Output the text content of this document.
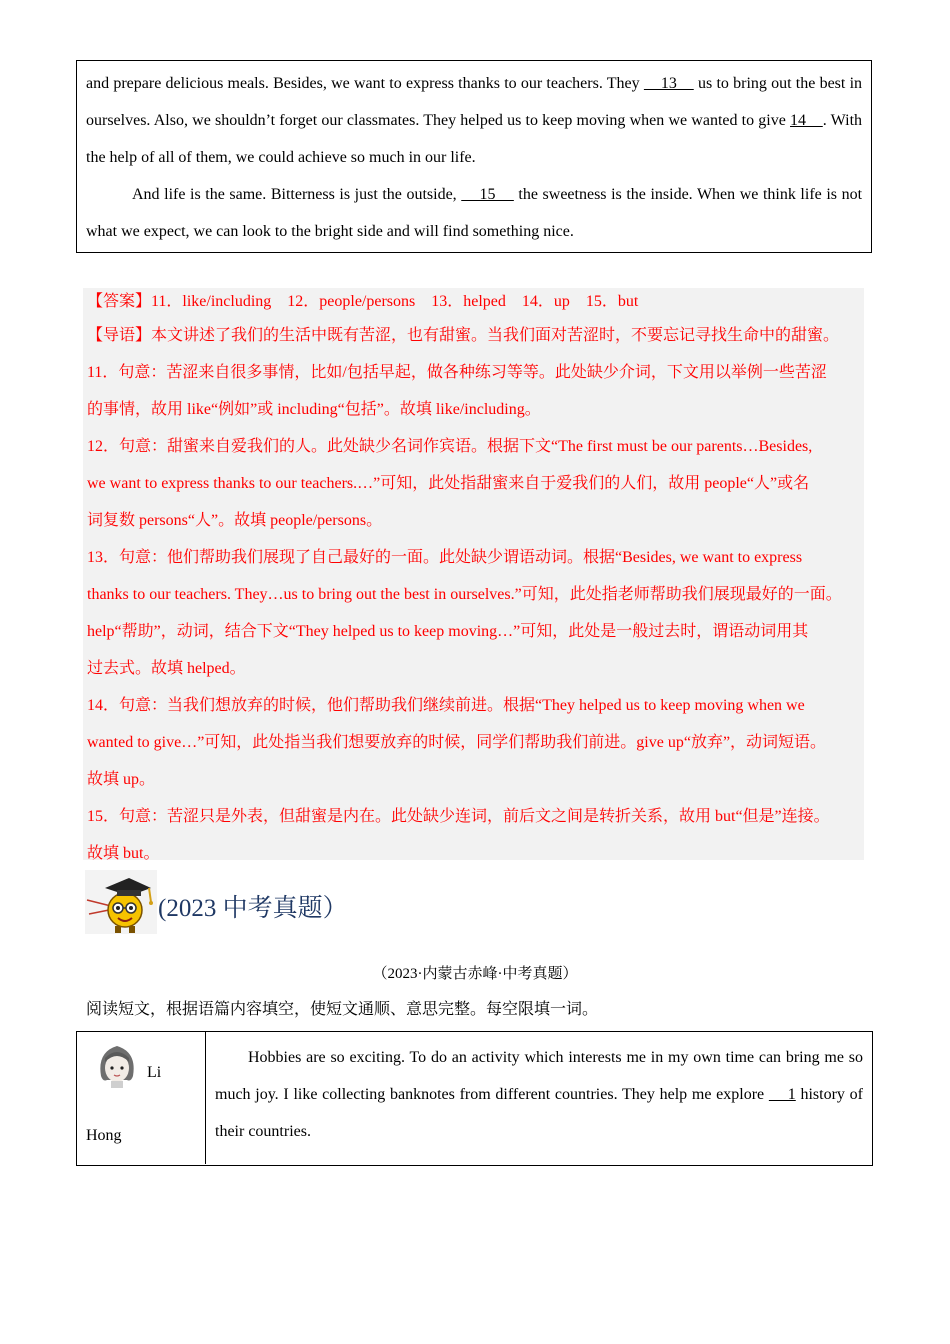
and prepare delicious meals. Besides, we want to express thanks to our teachers. They     13     us to bring out the best in ourselves. Also, we shouldn’t forget our classmates. They helped us to keep moving when we wanted to give 14    . With the help of all of them, we could achieve so much in our life.

And life is the same. Bitterness is just the outside,     15     the sweetness is the inside. When we think life is not what we expect, we can look to the bright side and will find something nice.

【答案】11．like/including　12．people/persons　13．helped　14．up　15．but

【导语】本文讲述了我们的生活中既有苦涩，也有甜蜜。当我们面对苦涩时，不要忘记寻找生命中的甜蜜。

11．句意：苦涩来自很多事情，比如/包括早起，做各种练习等等。此处缺少介词，下文用以举例一些苦涩

的事情，故用 like“例如”或 including“包括”。故填 like/including。

12．句意：甜蜜来自爱我们的人。此处缺少名词作宾语。根据下文“The first must be our parents…Besides,

we want to express thanks to our teachers.…”可知，此处指甜蜜来自于爱我们的人们，故用 people“人”或名

词复数 persons“人”。故填 people/persons。

13．句意：他们帮助我们展现了自己最好的一面。此处缺少谓语动词。根据“Besides, we want to express

thanks to our teachers. They…us to bring out the best in ourselves.”可知，此处指老师帮助我们展现最好的一面。

help“帮助”，动词，结合下文“They helped us to keep moving…”可知，此处是一般过去时，谓语动词用其

过去式。故填 helped。

14．句意：当我们想放弃的时候，他们帮助我们继续前进。根据“They helped us to keep moving when we

wanted to give…”可知，此处指当我们想要放弃的时候，同学们帮助我们前进。give up“放弃”，动词短语。

故填 up。

15．句意：苦涩只是外表，但甜蜜是内在。此处缺少连词，前后文之间是转折关系，故用 but“但是”连接。

故填 but。

(2023 中考真题）
（2023·内蒙古赤峰·中考真题）
阅读短文，根据语篇内容填空，使短文通顺、意思完整。每空限填一词。
Li
Hong

Hobbies are so exciting. To do an activity which interests me in my own time can bring me so much joy. I like collecting banknotes from different countries. They help me explore     1 history of their countries.
